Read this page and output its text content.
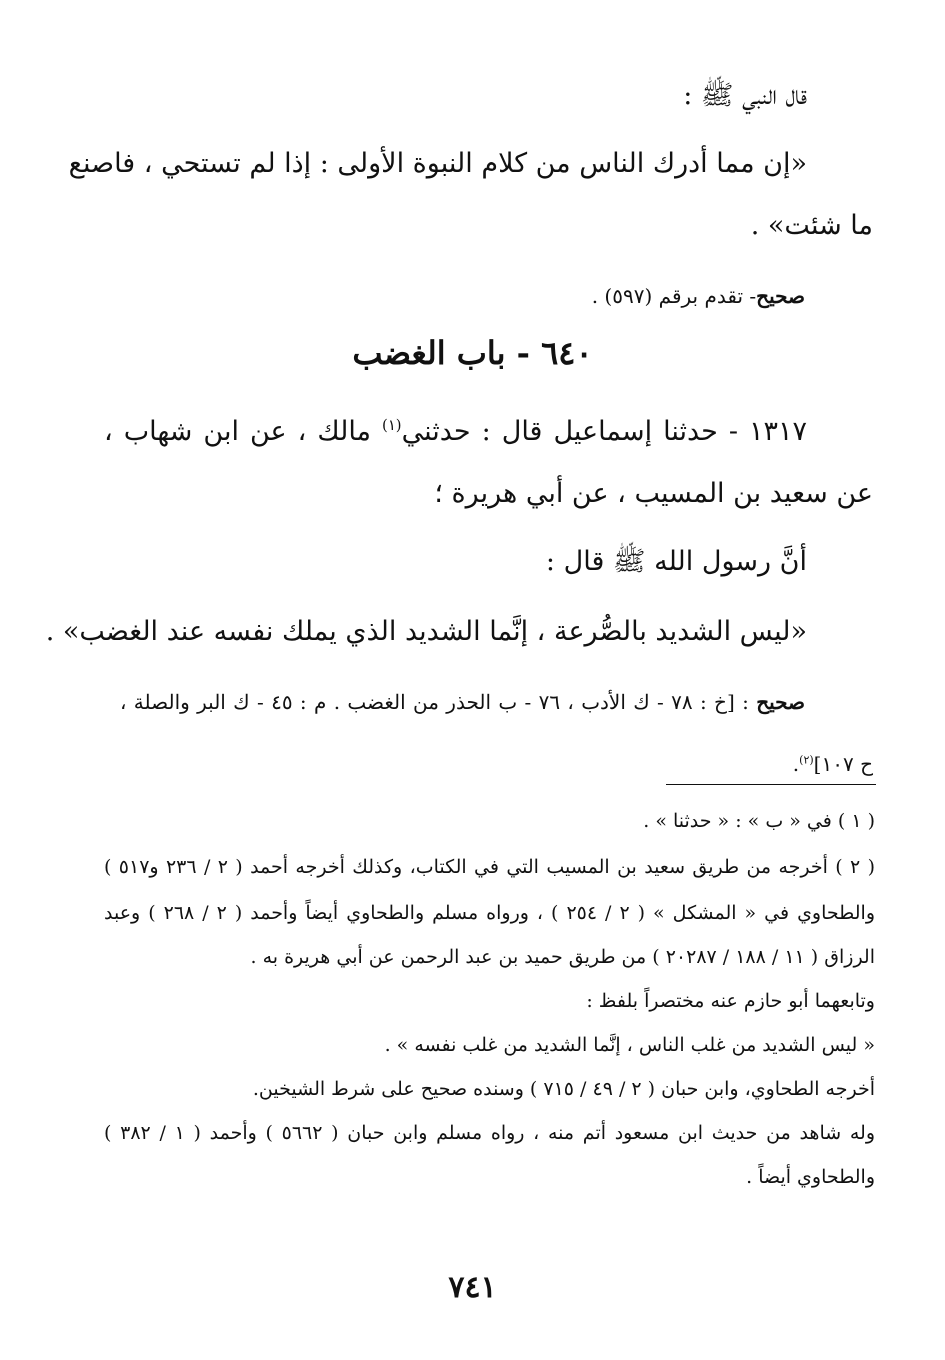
قال النبي ﷺ :

«إن مما أدرك الناس من كلام النبوة الأولى : إذا لم تستحي ، فاصنع

ما شئت» .

صحيح- تقدم برقم (٥٩٧) .

٦٤٠ - باب الغضب

١٣١٧ - حدثنا إسماعيل قال : حدثني$^{(١)}$ مالك ، عن ابن شهاب ،

عن سعيد بن المسيب ، عن أبي هريرة ؛

أنَّ رسول الله ﷺ قال :

«ليس الشديد بالصُّرعة ، إنَّما الشديد الذي يملك نفسه عند الغضب» .

صحيح : [خ : ٧٨ - ك الأدب ، ٧٦ - ب الحذر من الغضب . م : ٤٥ - ك البر والصلة ،

ح ١٠٧]$^{(٢)}$.

( ١ ) في « ب » : « حدثنا » .

( ٢ ) أخرجه من طريق سعيد بن المسيب التي في الكتاب، وكذلك أخرجه أحمد ( ٢ / ٢٣٦ و٥١٧ )

والطحاوي في « المشكل » ( ٢ / ٢٥٤ ) ، ورواه مسلم والطحاوي أيضاً وأحمد ( ٢ / ٢٦٨ ) وعبد

الرزاق ( ١١ / ١٨٨ / ٢٠٢٨٧ ) من طريق حميد بن عبد الرحمن عن أبي هريرة به .

وتابعهما أبو حازم عنه مختصراً بلفظ :

« ليس الشديد من غلب الناس ، إنَّما الشديد من غلب نفسه » .

أخرجه الطحاوي، وابن حبان ( ٢ / ٤٩ / ٧١٥ ) وسنده صحيح على شرط الشيخين.

وله شاهد من حديث ابن مسعود أتم منه ، رواه مسلم وابن حبان ( ٥٦٦٢ ) وأحمد ( ١ / ٣٨٢ )

والطحاوي أيضاً .

٧٤١
